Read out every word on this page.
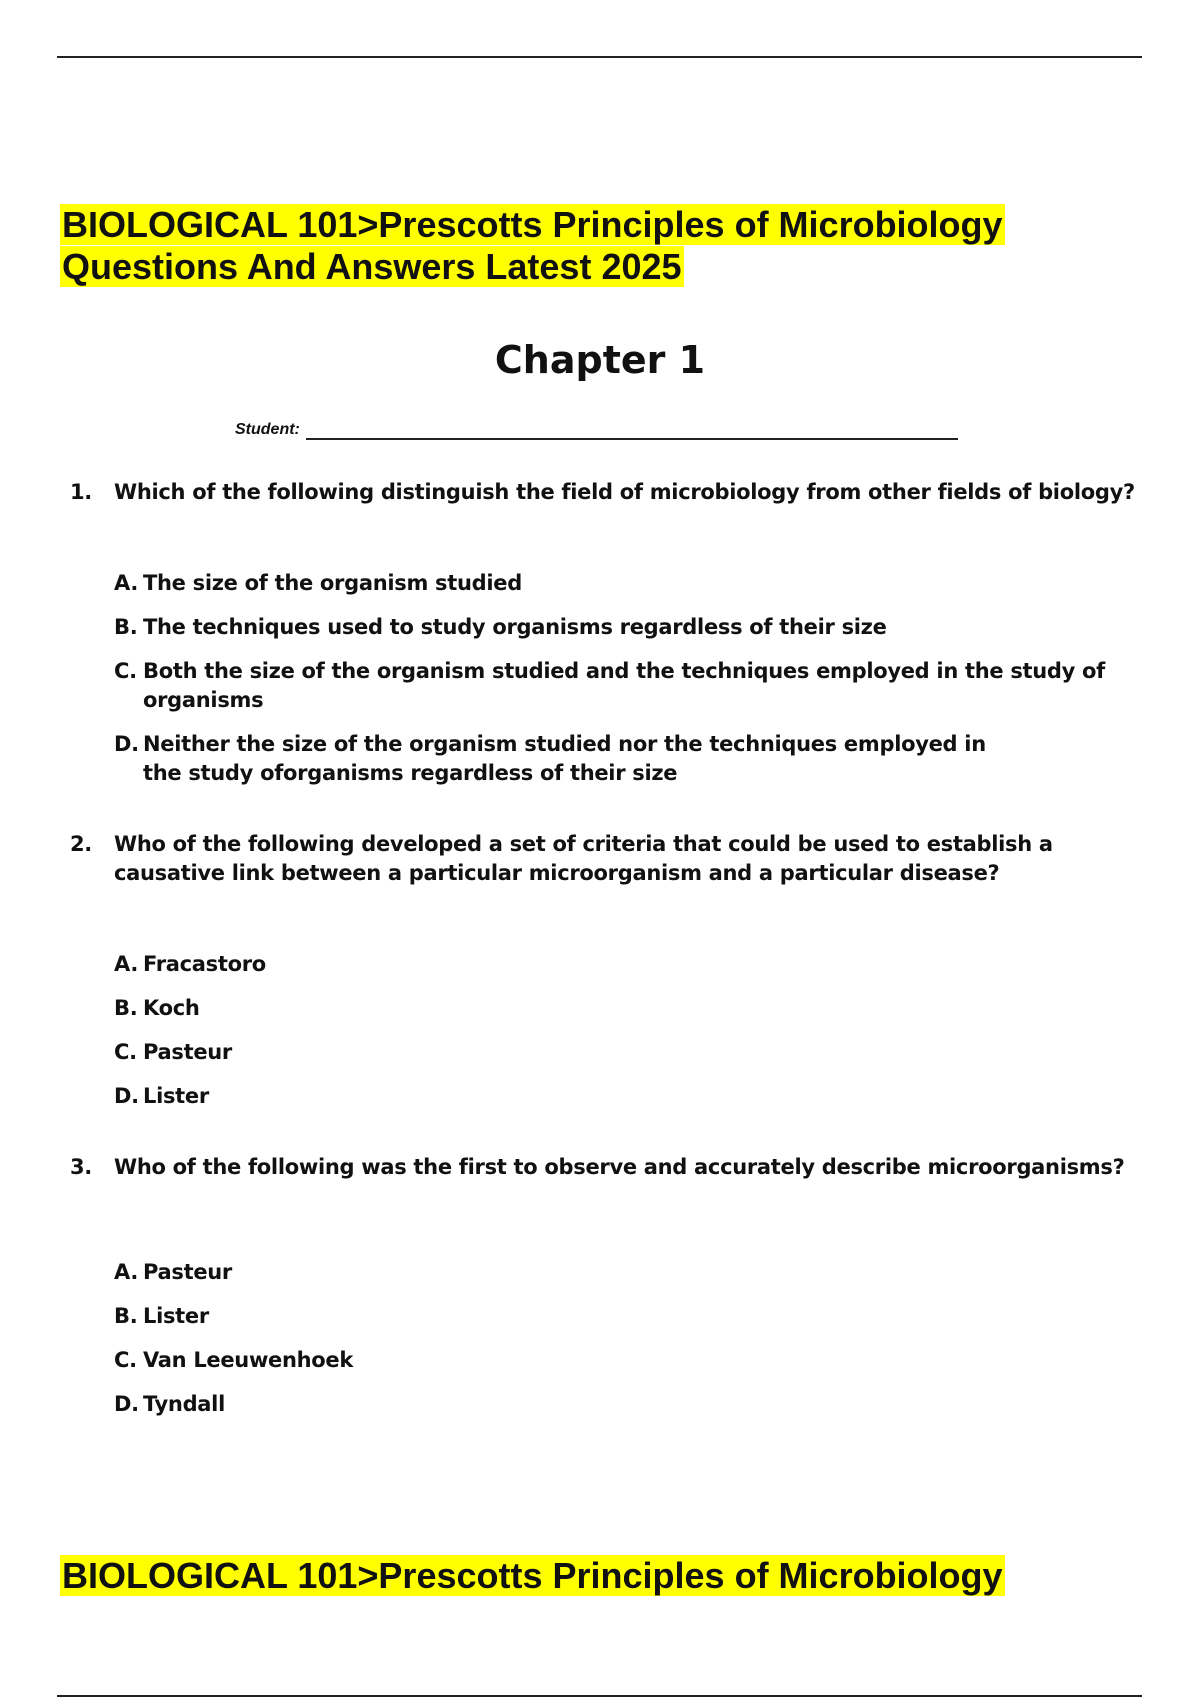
BIOLOGICAL 101>Prescotts Principles of Microbiology
Questions And Answers Latest 2025
Chapter 1
Student:
1.	Which of the following distinguish the field of microbiology from other fields of biology?
A. The size of the organism studied
B. The techniques used to study organisms regardless of their size
C. Both the size of the organism studied and the techniques employed in the study of organisms
D. Neither the size of the organism studied nor the techniques employed in the study oforganisms regardless of their size
2.	Who of the following developed a set of criteria that could be used to establish a causative link between a particular microorganism and a particular disease?
A. Fracastoro
B. Koch
C. Pasteur
D. Lister
3.	Who of the following was the first to observe and accurately describe microorganisms?
A. Pasteur
B. Lister
C. Van Leeuwenhoek
D. Tyndall
BIOLOGICAL 101>Prescotts Principles of Microbiology
